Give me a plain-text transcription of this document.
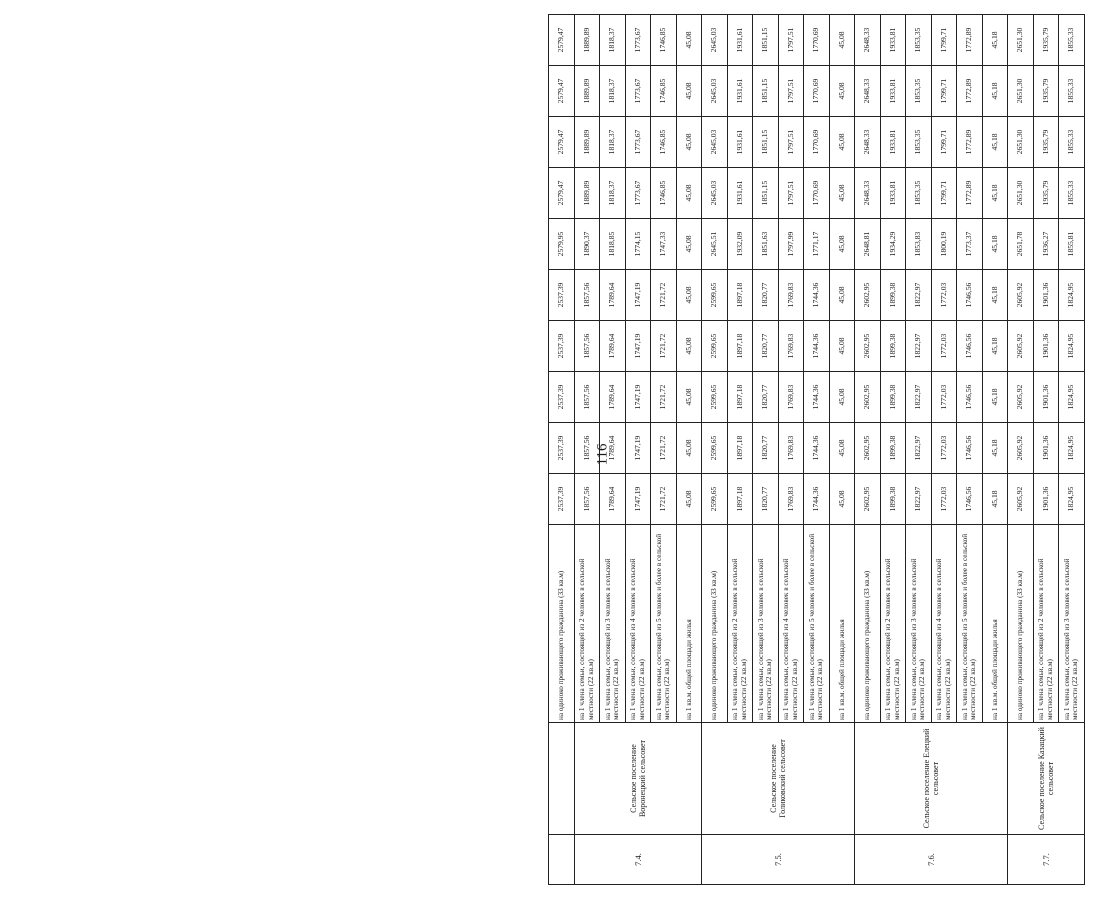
		на одиноко проживающего гражданина (33 кв.м)	2537,39	2537,39	2537,39	2537,39	2537,39	2579,95	2579,47	2579,47	2579,47	2579,47
7.4.	Сельское поселение Воронецкий сельсовет	на 1 члена семьи, состоящей из 2 человек в сельской местности (22 кв.м)	1857,56	1857,56	1857,56	1857,56	1857,56	1890,37	1889,89	1889,89	1889,89	1889,89
		на 1 члена семьи, состоящей из 3 человек в сельской местности (22 кв.м)	1789,64	1789,64	1789,64	1789,64	1789,64	1818,85	1818,37	1818,37	1818,37	1818,37
		на 1 члена семьи, состоящей из 4 человек в сельской местности (22 кв.м)	1747,19	1747,19	1747,19	1747,19	1747,19	1774,15	1773,67	1773,67	1773,67	1773,67
		на 1 члена семьи, состоящей из 5 человек и более в сельской местности (22 кв.м)	1721,72	1721,72	1721,72	1721,72	1721,72	1747,33	1746,85	1746,85	1746,85	1746,85
		на 1 кв.м. общей площади жилья	45,08	45,08	45,08	45,08	45,08	45,08	45,08	45,08	45,08	45,08
7.5.	Сельское поселение Голиковский сельсовет	на одиноко проживающего гражданина (33 кв.м)	2599,65	2599,65	2599,65	2599,65	2599,65	2645,51	2645,03	2645,03	2645,03	2645,03
		на 1 члена семьи, состоящей из 2 человек в сельской местности (22 кв.м)	1897,18	1897,18	1897,18	1897,18	1897,18	1932,09	1931,61	1931,61	1931,61	1931,61
		на 1 члена семьи, состоящей из 3 человек в сельской местности (22 кв.м)	1820,77	1820,77	1820,77	1820,77	1820,77	1851,63	1851,15	1851,15	1851,15	1851,15
		на 1 члена семьи, состоящей из 4 человек в сельской местности (22 кв.м)	1769,83	1769,83	1769,83	1769,83	1769,83	1797,99	1797,51	1797,51	1797,51	1797,51
		на 1 члена семьи, состоящей из 5 человек и более в сельской местности (22 кв.м)	1744,36	1744,36	1744,36	1744,36	1744,36	1771,17	1770,69	1770,69	1770,69	1770,69
		на 1 кв.м. общей площади жилья	45,08	45,08	45,08	45,08	45,08	45,08	45,08	45,08	45,08	45,08
7.6.	Сельское поселение Елецкий сельсовет	на одиноко проживающего гражданина (33 кв.м)	2602,95	2602,95	2602,95	2602,95	2602,95	2648,81	2648,33	2648,33	2648,33	2648,33
		на 1 члена семьи, состоящей из 2 человек в сельской местности (22 кв.м)	1899,38	1899,38	1899,38	1899,38	1899,38	1934,29	1933,81	1933,81	1933,81	1933,81
		на 1 члена семьи, состоящей из 3 человек в сельской местности (22 кв.м)	1822,97	1822,97	1822,97	1822,97	1822,97	1853,83	1853,35	1853,35	1853,35	1853,35
		на 1 члена семьи, состоящей из 4 человек в сельской местности (22 кв.м)	1772,03	1772,03	1772,03	1772,03	1772,03	1800,19	1799,71	1799,71	1799,71	1799,71
		на 1 члена семьи, состоящей из 5 человек и более в сельской местности (22 кв.м)	1746,56	1746,56	1746,56	1746,56	1746,56	1773,37	1772,89	1772,89	1772,89	1772,89
		на 1 кв.м. общей площади жилья	45,18	45,18	45,18	45,18	45,18	45,18	45,18	45,18	45,18	45,18
7.7.	Сельское поселение Казацкий сельсовет	на одиноко проживающего гражданина (33 кв.м)	2605,92	2605,92	2605,92	2605,92	2605,92	2651,78	2651,30	2651,30	2651,30	2651,30
		на 1 члена семьи, состоящей из 2 человек в сельской местности (22 кв.м)	1901,36	1901,36	1901,36	1901,36	1901,36	1936,27	1935,79	1935,79	1935,79	1935,79
		на 1 члена семьи, состоящей из 3 человек в сельской местности (22 кв.м)	1824,95	1824,95	1824,95	1824,95	1824,95	1855,81	1855,33	1855,33	1855,33	1855,33
116
